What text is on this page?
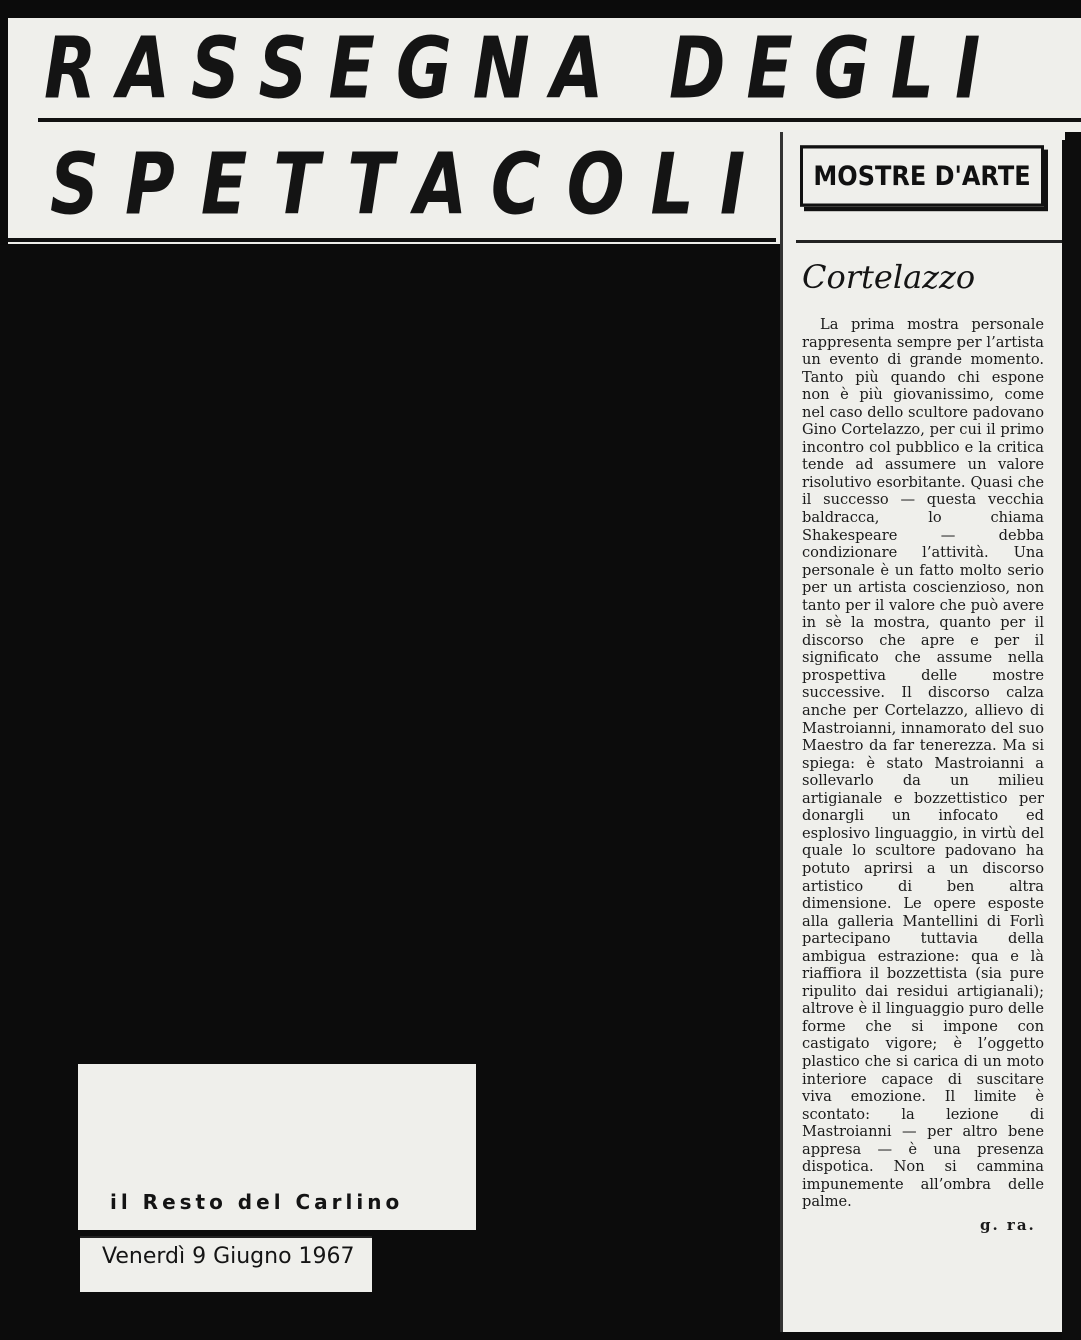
RASSEGNA DEGLI
SPETTACOLI	MOSTRE D'ARTE
Cortelazzo

La prima mostra personale rappresenta sempre per l’artista un evento di grande momento. Tanto più quando chi espone non è più giovanissimo, come nel caso dello scultore padovano Gino Cortelazzo, per cui il primo incontro col pubblico e la critica tende ad assumere un valore risolutivo esorbitante. Quasi che il successo — questa vecchia baldracca, lo chiama Shakespeare — debba condizionare l’attività. Una personale è un fatto molto serio per un artista coscienzioso, non tanto per il valore che può avere in sè la mostra, quanto per il discorso che apre e per il significato che assume nella prospettiva delle mostre successive. Il discorso calza anche per Cortelazzo, allievo di Mastroianni, innamorato del suo Maestro da far tenerezza. Ma si spiega: è stato Mastroianni a sollevarlo da un milieu artigianale e bozzettistico per donargli un infocato ed esplosivo linguaggio, in virtù del quale lo scultore padovano ha potuto aprirsi a un discorso artistico di ben altra dimensione. Le opere esposte alla galleria Mantellini di Forlì partecipano tuttavia della ambigua estrazione: qua e là riaffiora il bozzettista (sia pure ripulito dai residui artigianali); altrove è il linguaggio puro delle forme che si impone con castigato vigore; è l’oggetto plastico che si carica di un moto interiore capace di suscitare viva emozione. Il limite è scontato: la lezione di Mastroianni — per altro bene appresa — è una presenza dispotica. Non si cammina impunemente all’ombra delle palme.

g. ra.

il Resto del Carlino

Venerdì 9 Giugno 1967
